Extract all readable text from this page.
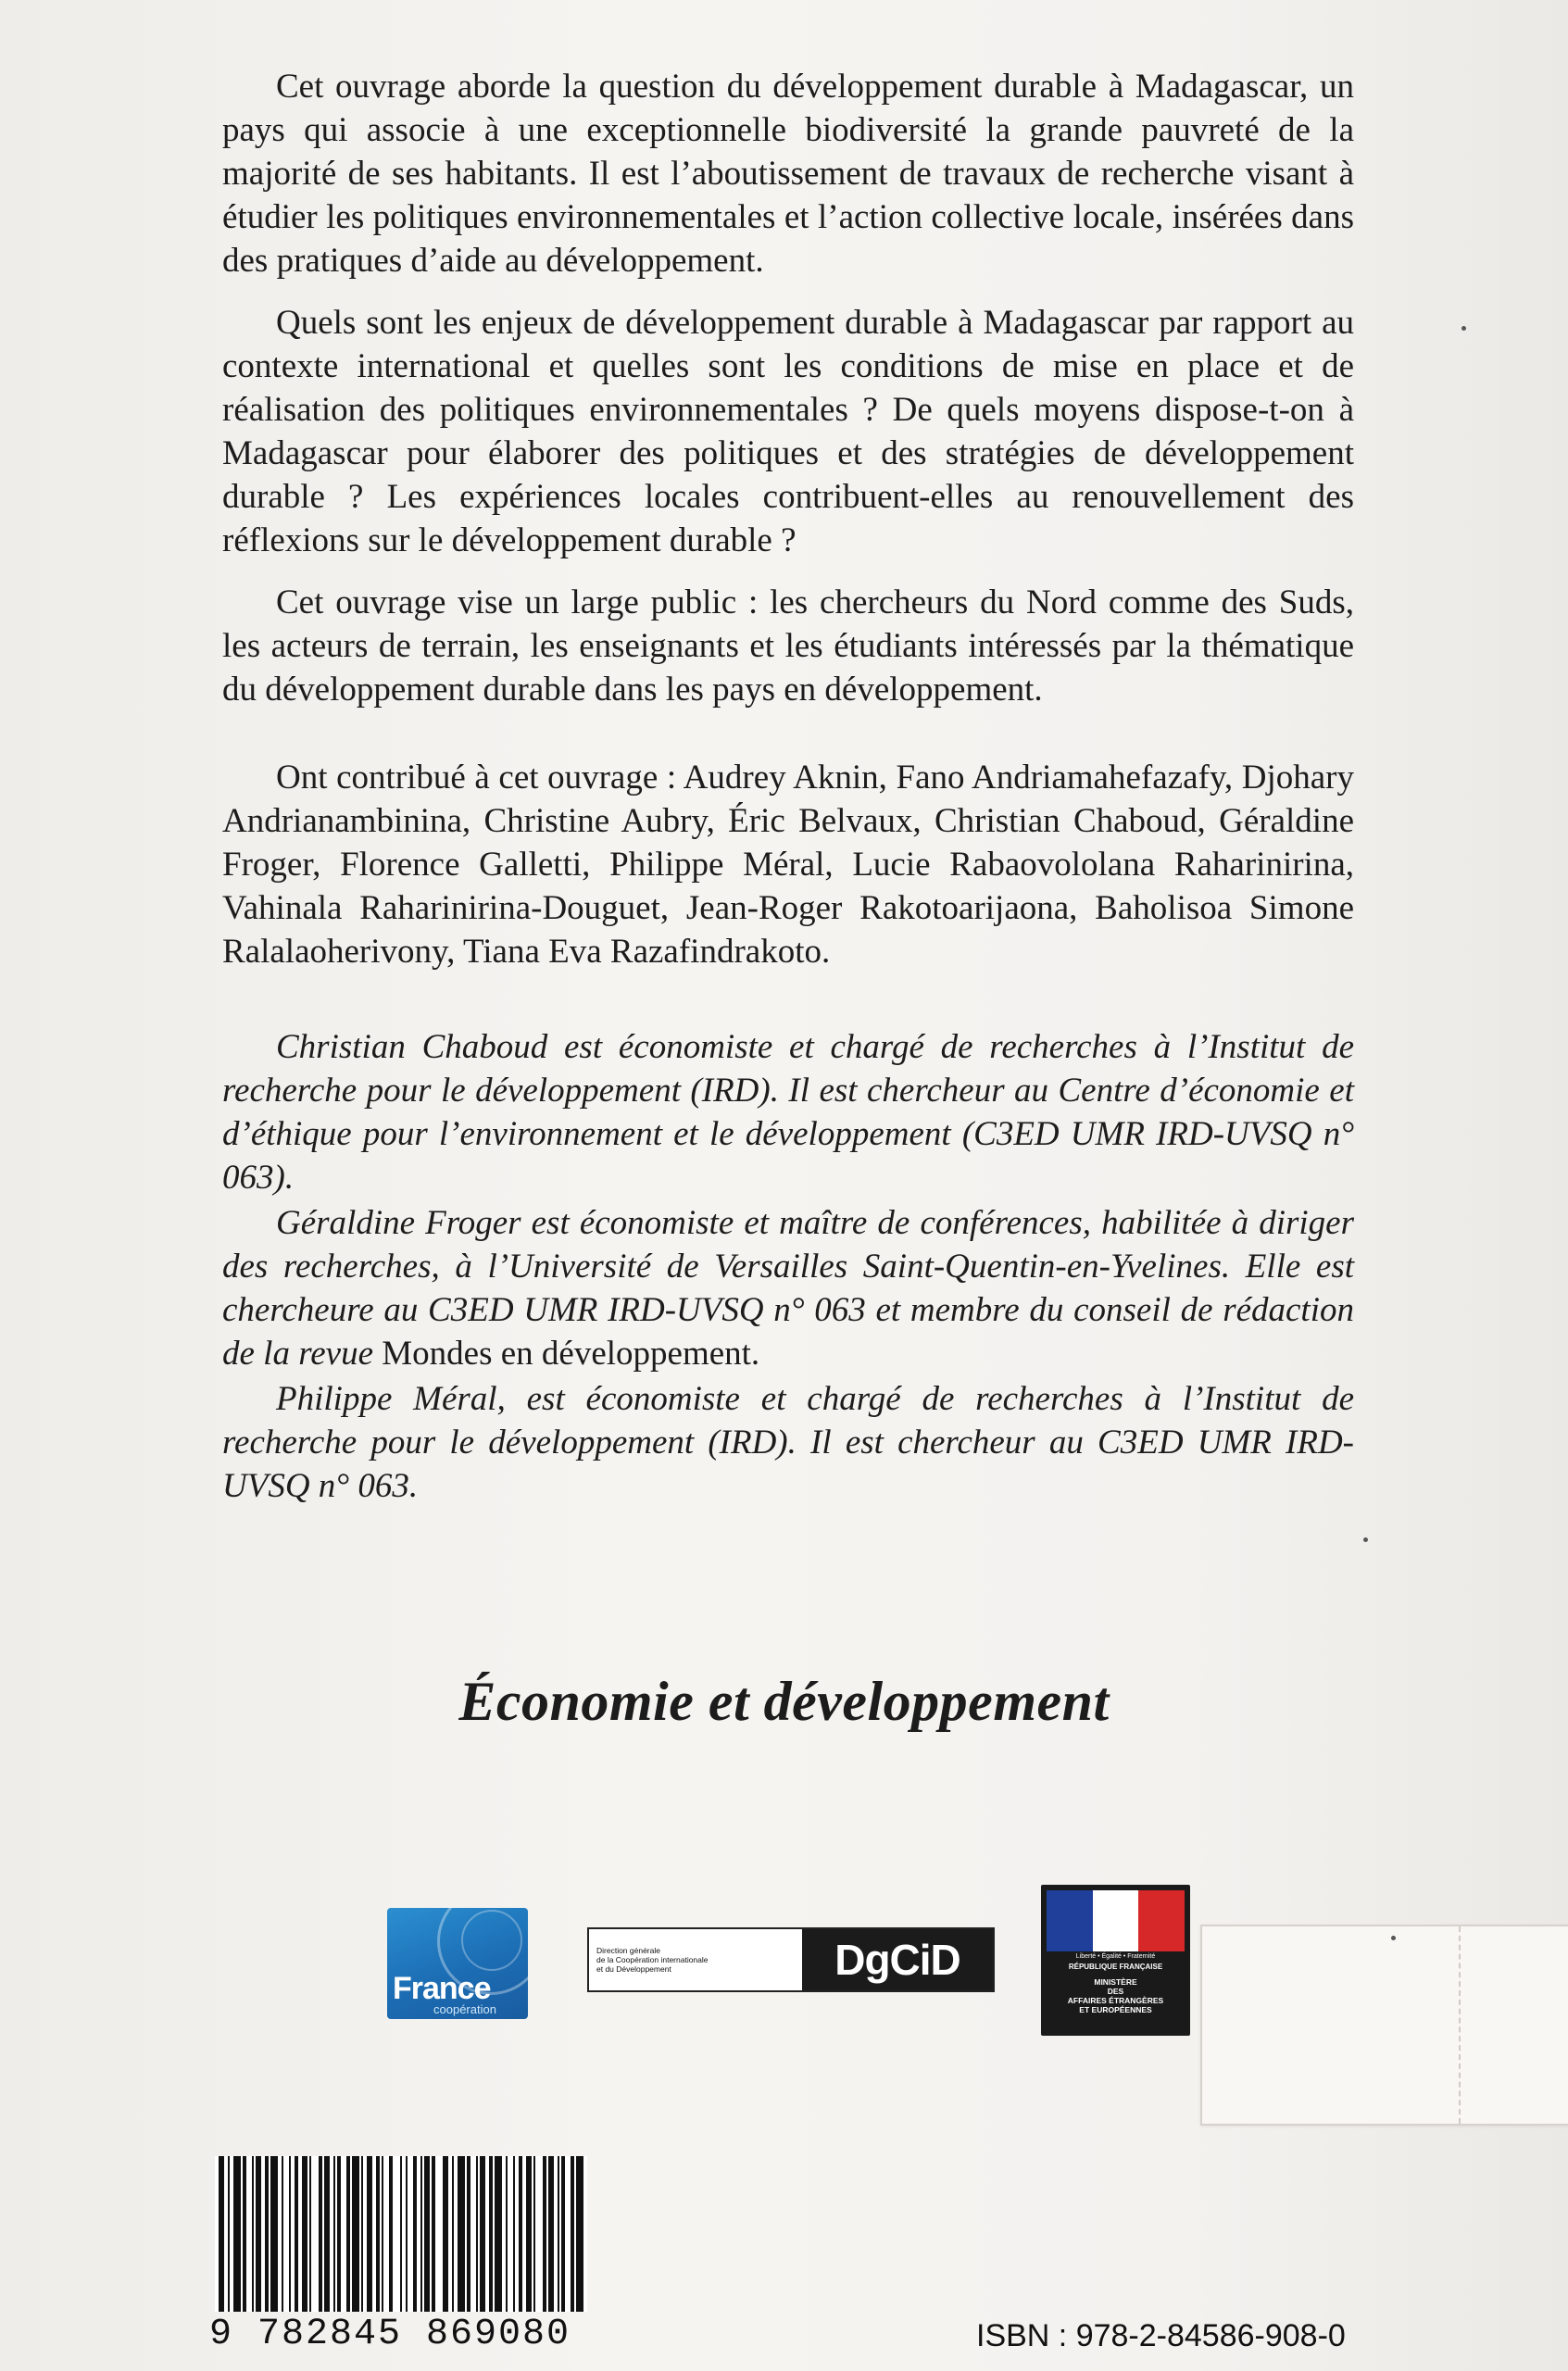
Cet ouvrage aborde la question du développement durable à Madagascar, un pays qui associe à une exceptionnelle biodiversité la grande pauvreté de la majorité de ses habitants. Il est l’aboutissement de travaux de recherche visant à étudier les politiques environnementales et l’action collective locale, insérées dans des pratiques d’aide au développement.

Quels sont les enjeux de développement durable à Madagascar par rapport au contexte international et quelles sont les conditions de mise en place et de réalisation des politiques environnementales ? De quels moyens dispose-t-on à Madagascar pour élaborer des politiques et des stratégies de développement durable ? Les expériences locales contribuent-elles au renouvellement des réflexions sur le développement durable ?

Cet ouvrage vise un large public : les chercheurs du Nord comme des Suds, les acteurs de terrain, les enseignants et les étudiants intéressés par la thématique du développement durable dans les pays en développement.

Ont contribué à cet ouvrage : Audrey Aknin, Fano Andriamahefazafy, Djohary Andrianambinina, Christine Aubry, Éric Belvaux, Christian Chaboud, Géraldine Froger, Florence Galletti, Philippe Méral, Lucie Rabaovololana Raharinirina, Vahinala Raharinirina-Douguet, Jean-Roger Rakotoarijaona, Baholisoa Simone Ralalaoherivony, Tiana Eva Razafindrakoto.

Christian Chaboud est économiste et chargé de recherches à l’Institut de recherche pour le développement (IRD). Il est chercheur au Centre d’économie et d’éthique pour l’environnement et le développement (C3ED UMR IRD-UVSQ n° 063).

Géraldine Froger est économiste et maître de conférences, habilitée à diriger des recherches, à l’Université de Versailles Saint-Quentin-en-Yvelines. Elle est chercheure au C3ED UMR IRD-UVSQ n° 063 et membre du conseil de rédaction de la revue Mondes en développement.

Philippe Méral, est économiste et chargé de recherches à l’Institut de recherche pour le développement (IRD). Il est chercheur au C3ED UMR IRD-UVSQ n° 063.

Économie et développement
France
coopération
Direction générale
de la Coopération internationale
et du Développement	DgCiD	Liberté • Égalité • Fraternité
RÉPUBLIQUE FRANÇAISE
MINISTÈRE
DES
AFFAIRES ÉTRANGÈRES
ET EUROPÉENNES
9 782845 869080	ISBN : 978-2-84586-908-0
